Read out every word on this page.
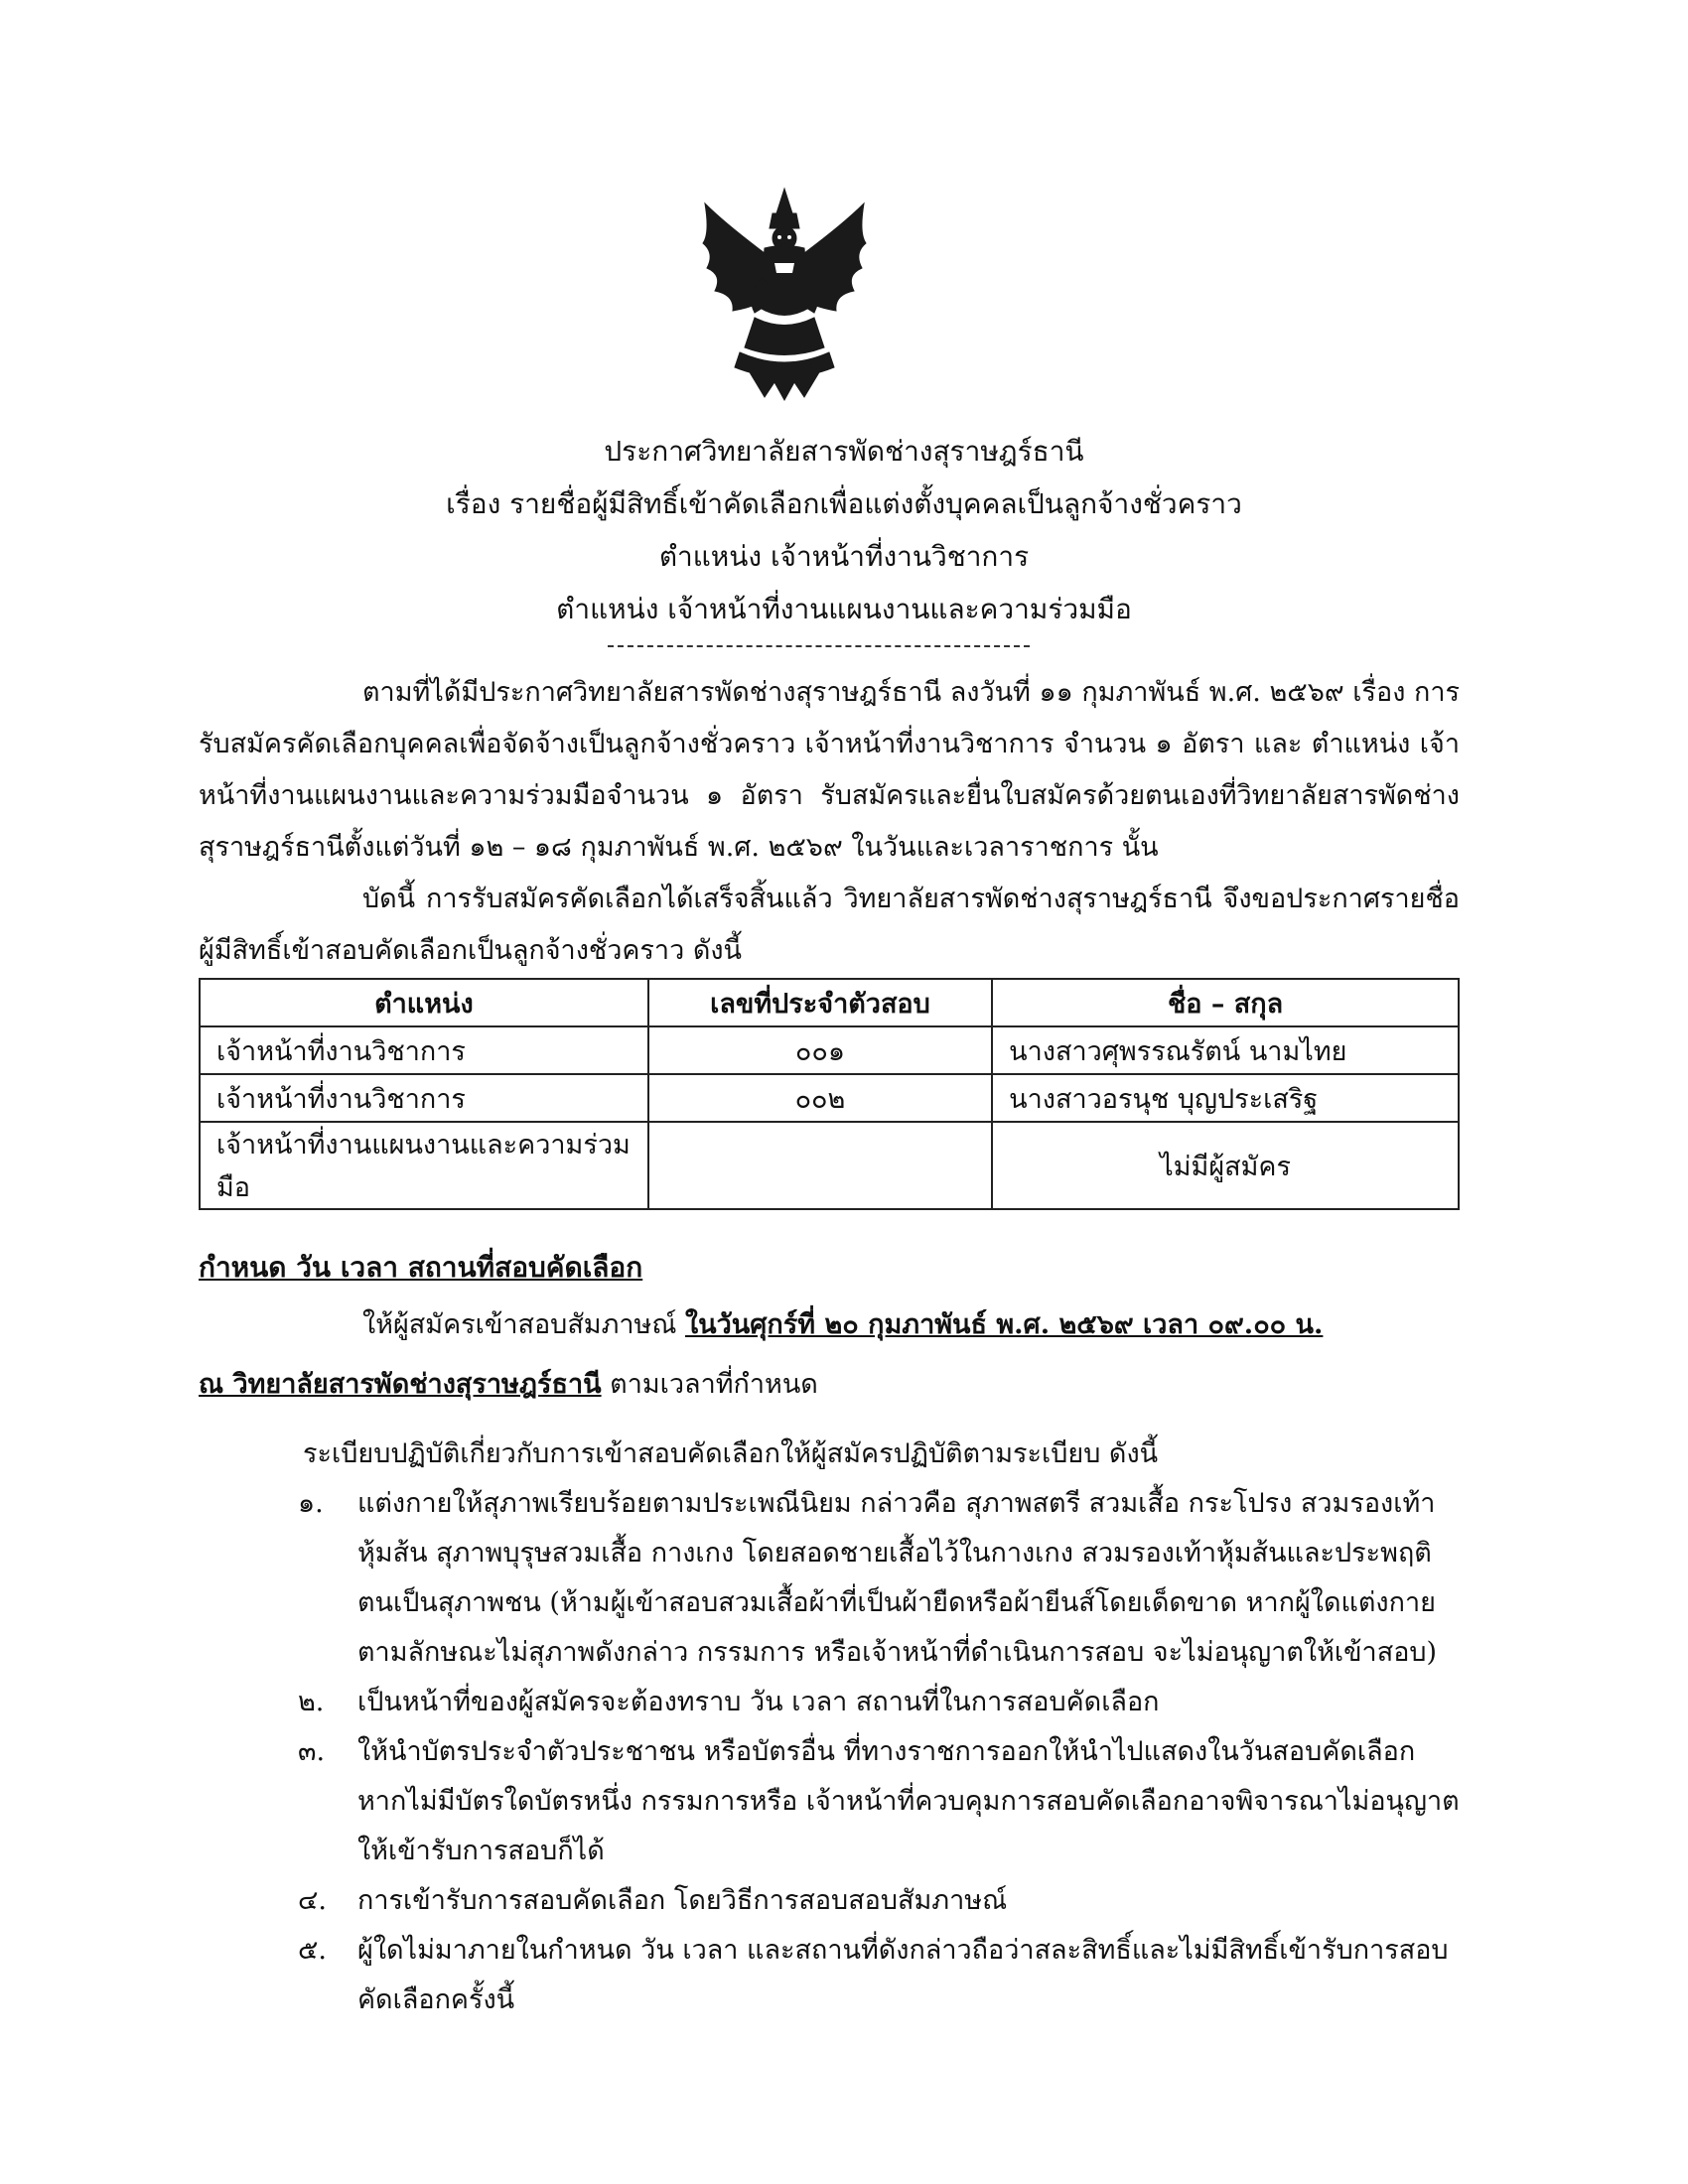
ประกาศวิทยาลัยสารพัดช่างสุราษฎร์ธานี
เรื่อง รายชื่อผู้มีสิทธิ์เข้าคัดเลือกเพื่อแต่งตั้งบุคคลเป็นลูกจ้างชั่วคราว
ตำแหน่ง เจ้าหน้าที่งานวิชาการ
ตำแหน่ง เจ้าหน้าที่งานแผนงานและความร่วมมือ

ตามที่ได้มีประกาศวิทยาลัยสารพัดช่างสุราษฎร์ธานี ลงวันที่ ๑๑ กุมภาพันธ์ พ.ศ. ๒๕๖๙ เรื่อง การรับสมัครคัดเลือกบุคคลเพื่อจัดจ้างเป็นลูกจ้างชั่วคราว เจ้าหน้าที่งานวิชาการ จำนวน ๑ อัตรา และ ตำแหน่ง เจ้าหน้าที่งานแผนงานและความร่วมมือจำนวน ๑ อัตรา รับสมัครและยื่นใบสมัครด้วยตนเองที่วิทยาลัยสารพัดช่างสุราษฎร์ธานีตั้งแต่วันที่ ๑๒ – ๑๘ กุมภาพันธ์ พ.ศ. ๒๕๖๙ ในวันและเวลาราชการ นั้น

บัดนี้ การรับสมัครคัดเลือกได้เสร็จสิ้นแล้ว วิทยาลัยสารพัดช่างสุราษฎร์ธานี จึงขอประกาศรายชื่อผู้มีสิทธิ์เข้าสอบคัดเลือกเป็นลูกจ้างชั่วคราว ดังนี้

ตำแหน่ง	เลขที่ประจำตัวสอบ	ชื่อ – สกุล
เจ้าหน้าที่งานวิชาการ	๐๐๑	นางสาวศุพรรณรัตน์ นามไทย
เจ้าหน้าที่งานวิชาการ	๐๐๒	นางสาวอรนุช บุญประเสริฐ
เจ้าหน้าที่งานแผนงานและความร่วมมือ		ไม่มีผู้สมัคร
กำหนด วัน เวลา สถานที่สอบคัดเลือก

ให้ผู้สมัครเข้าสอบสัมภาษณ์ ในวันศุกร์ที่ ๒๐ กุมภาพันธ์ พ.ศ. ๒๕๖๙ เวลา ๐๙.๐๐ น.

ณ วิทยาลัยสารพัดช่างสุราษฎร์ธานี ตามเวลาที่กำหนด

ระเบียบปฏิบัติเกี่ยวกับการเข้าสอบคัดเลือกให้ผู้สมัครปฏิบัติตามระเบียบ ดังนี้
๑. แต่งกายให้สุภาพเรียบร้อยตามประเพณีนิยม กล่าวคือ สุภาพสตรี สวมเสื้อ กระโปรง สวมรองเท้าหุ้มส้น สุภาพบุรุษสวมเสื้อ กางเกง โดยสอดชายเสื้อไว้ในกางเกง สวมรองเท้าหุ้มส้นและประพฤติตนเป็นสุภาพชน (ห้ามผู้เข้าสอบสวมเสื้อผ้าที่เป็นผ้ายืดหรือผ้ายีนส์โดยเด็ดขาด หากผู้ใดแต่งกายตามลักษณะไม่สุภาพดังกล่าว กรรมการ หรือเจ้าหน้าที่ดำเนินการสอบ จะไม่อนุญาตให้เข้าสอบ)
๒. เป็นหน้าที่ของผู้สมัครจะต้องทราบ วัน เวลา สถานที่ในการสอบคัดเลือก
๓. ให้นำบัตรประจำตัวประชาชน หรือบัตรอื่น ที่ทางราชการออกให้นำไปแสดงในวันสอบคัดเลือก หากไม่มีบัตรใดบัตรหนึ่ง กรรมการหรือ เจ้าหน้าที่ควบคุมการสอบคัดเลือกอาจพิจารณาไม่อนุญาตให้เข้ารับการสอบก็ได้
๔. การเข้ารับการสอบคัดเลือก โดยวิธีการสอบสอบสัมภาษณ์
๕. ผู้ใดไม่มาภายในกำหนด วัน เวลา และสถานที่ดังกล่าวถือว่าสละสิทธิ์และไม่มีสิทธิ์เข้ารับการสอบคัดเลือกครั้งนี้
